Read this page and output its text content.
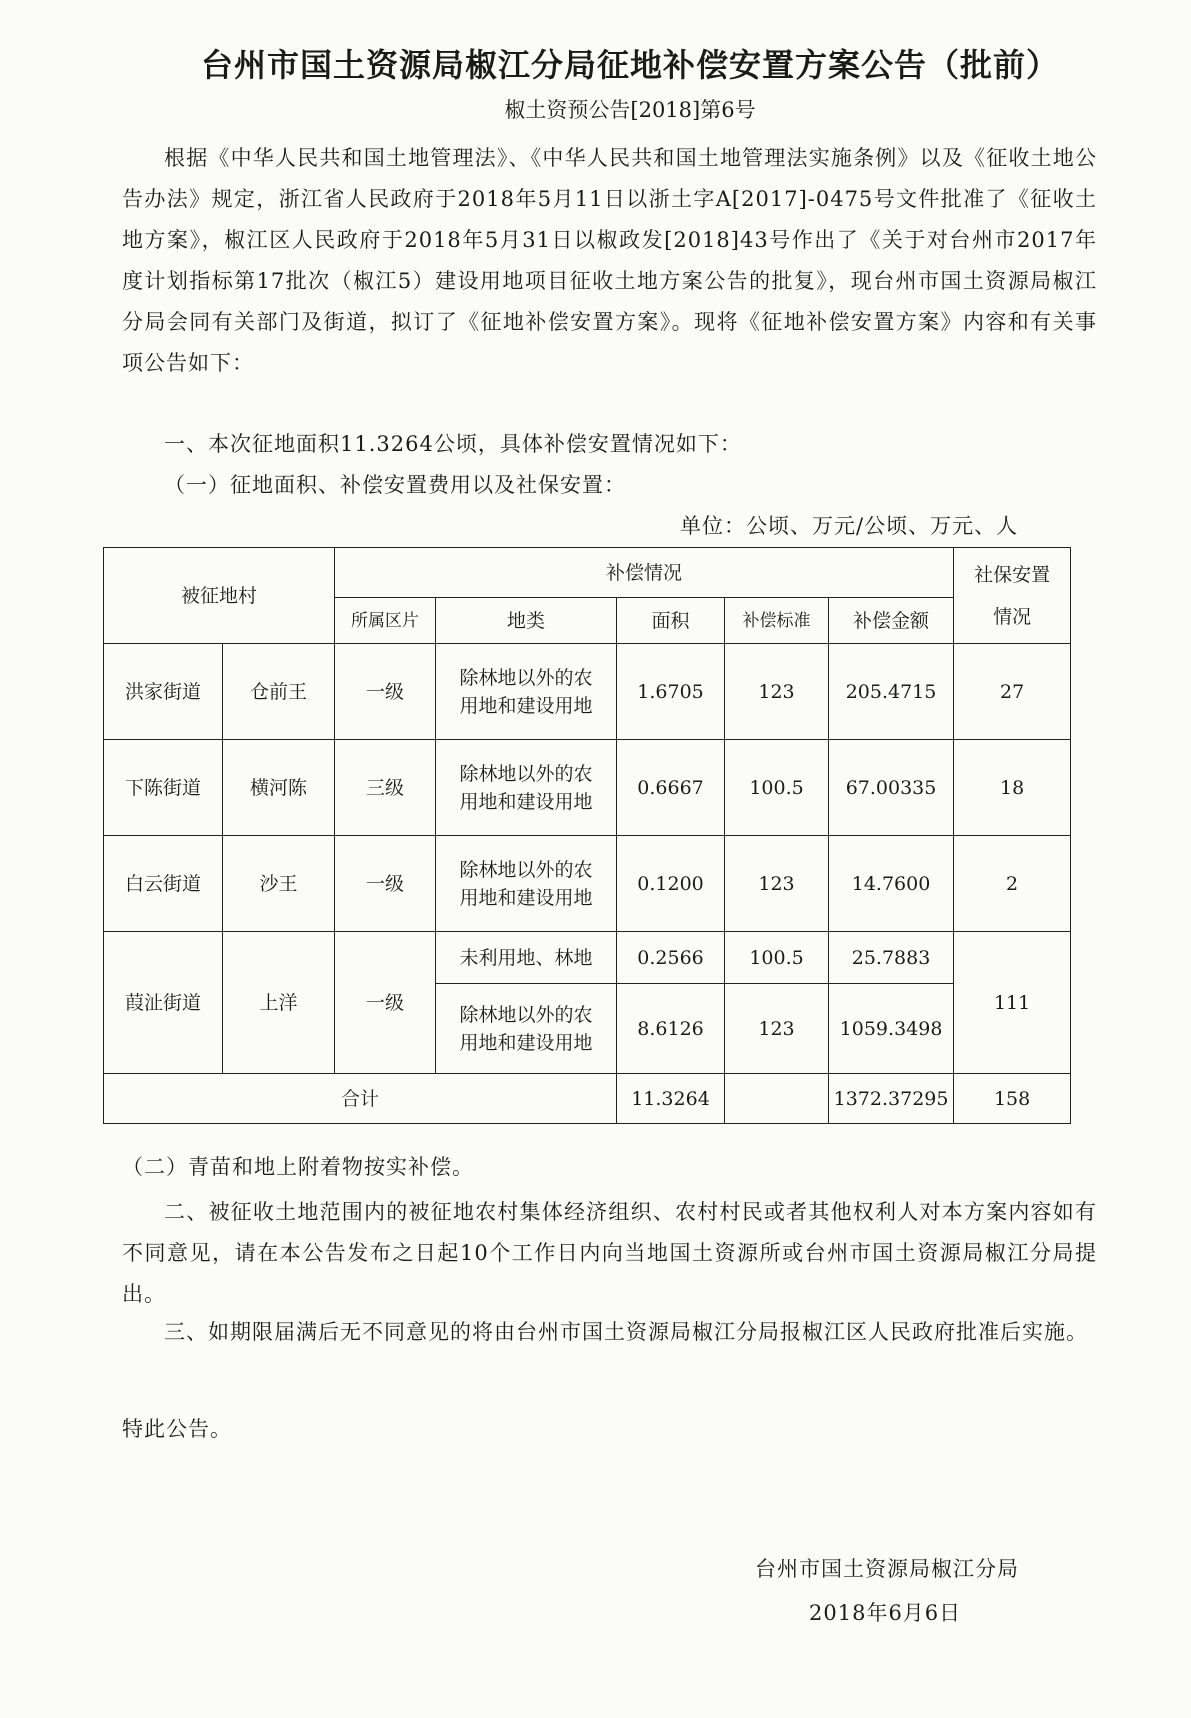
台州市国土资源局椒江分局征地补偿安置方案公告（批前）
椒土资预公告[2018]第6号
根据《中华人民共和国土地管理法》、《中华人民共和国土地管理法实施条例》以及《征收土地公告办法》规定，浙江省人民政府于2018年5月11日以浙土字A[2017]-0475号文件批准了《征收土地方案》，椒江区人民政府于2018年5月31日以椒政发[2018]43号作出了《关于对台州市2017年度计划指标第17批次（椒江5）建设用地项目征收土地方案公告的批复》，现台州市国土资源局椒江分局会同有关部门及街道，拟订了《征地补偿安置方案》。现将《征地补偿安置方案》内容和有关事项公告如下：
一、本次征地面积11.3264公顷，具体补偿安置情况如下：
（一）征地面积、补偿安置费用以及社保安置：
单位：公顷、万元/公顷、万元、人
被征地村		补偿情况					社保安置
情况

		所属区片	地类	面积	补偿标准	补偿金额	
洪家街道	仓前王	一级	除林地以外的农
用地和建设用地	1.6705	123	205.4715	27
下陈街道	横河陈	三级	除林地以外的农
用地和建设用地	0.6667	100.5	67.00335	18
白云街道	沙王	一级	除林地以外的农
用地和建设用地	0.1200	123	14.7600	2
葭沚街道	上洋	一级	未利用地、林地	0.2566	100.5	25.7883	111

			除林地以外的农
用地和建设用地	8.6126	123	1059.3498	
合计				11.3264		1372.37295	158
（二）青苗和地上附着物按实补偿。
二、被征收土地范围内的被征地农村集体经济组织、农村村民或者其他权利人对本方案内容如有不同意见，请在本公告发布之日起10个工作日内向当地国土资源所或台州市国土资源局椒江分局提出。
三、如期限届满后无不同意见的将由台州市国土资源局椒江分局报椒江区人民政府批准后实施。
特此公告。
台州市国土资源局椒江分局
2018年6月6日
